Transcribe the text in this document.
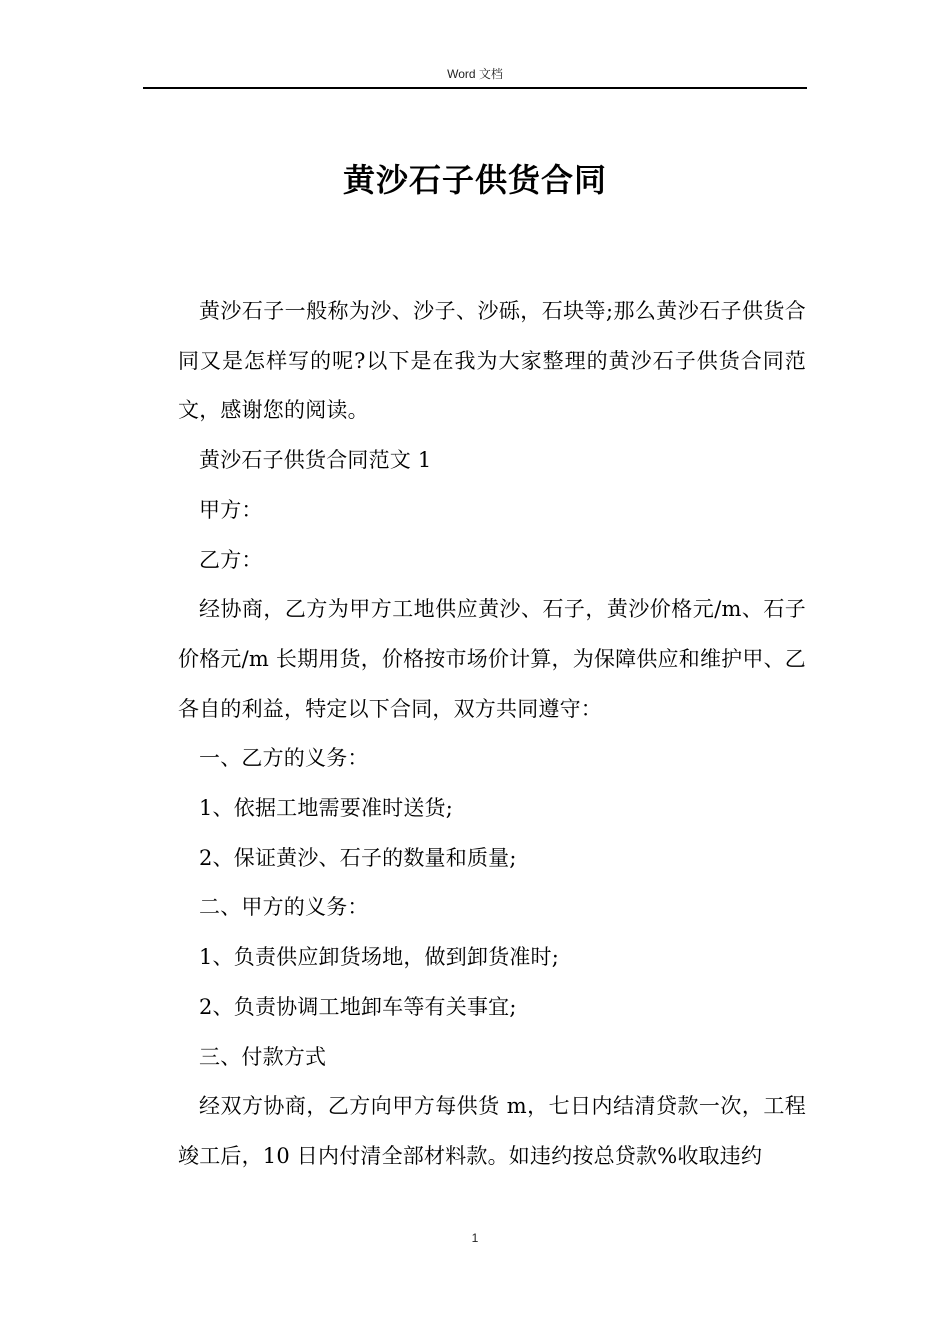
Word 文档
黄沙石子供货合同

黄沙石子一般称为沙、沙子、沙砾，石块等;那么黄沙石子供货合同又是怎样写的呢?以下是在我为大家整理的黄沙石子供货合同范文，感谢您的阅读。

黄沙石子供货合同范文 1

甲方：

乙方：

经协商，乙方为甲方工地供应黄沙、石子，黄沙价格元/m、石子价格元/m 长期用货，价格按市场价计算，为保障供应和维护甲、乙各自的利益，特定以下合同，双方共同遵守：

一、乙方的义务：

1、依据工地需要准时送货;

2、保证黄沙、石子的数量和质量;

二、甲方的义务：

1、负责供应卸货场地，做到卸货准时;

2、负责协调工地卸车等有关事宜;

三、付款方式

经双方协商，乙方向甲方每供货 m，七日内结清贷款一次，工程竣工后，10 日内付清全部材料款。如违约按总贷款%收取违约

1
